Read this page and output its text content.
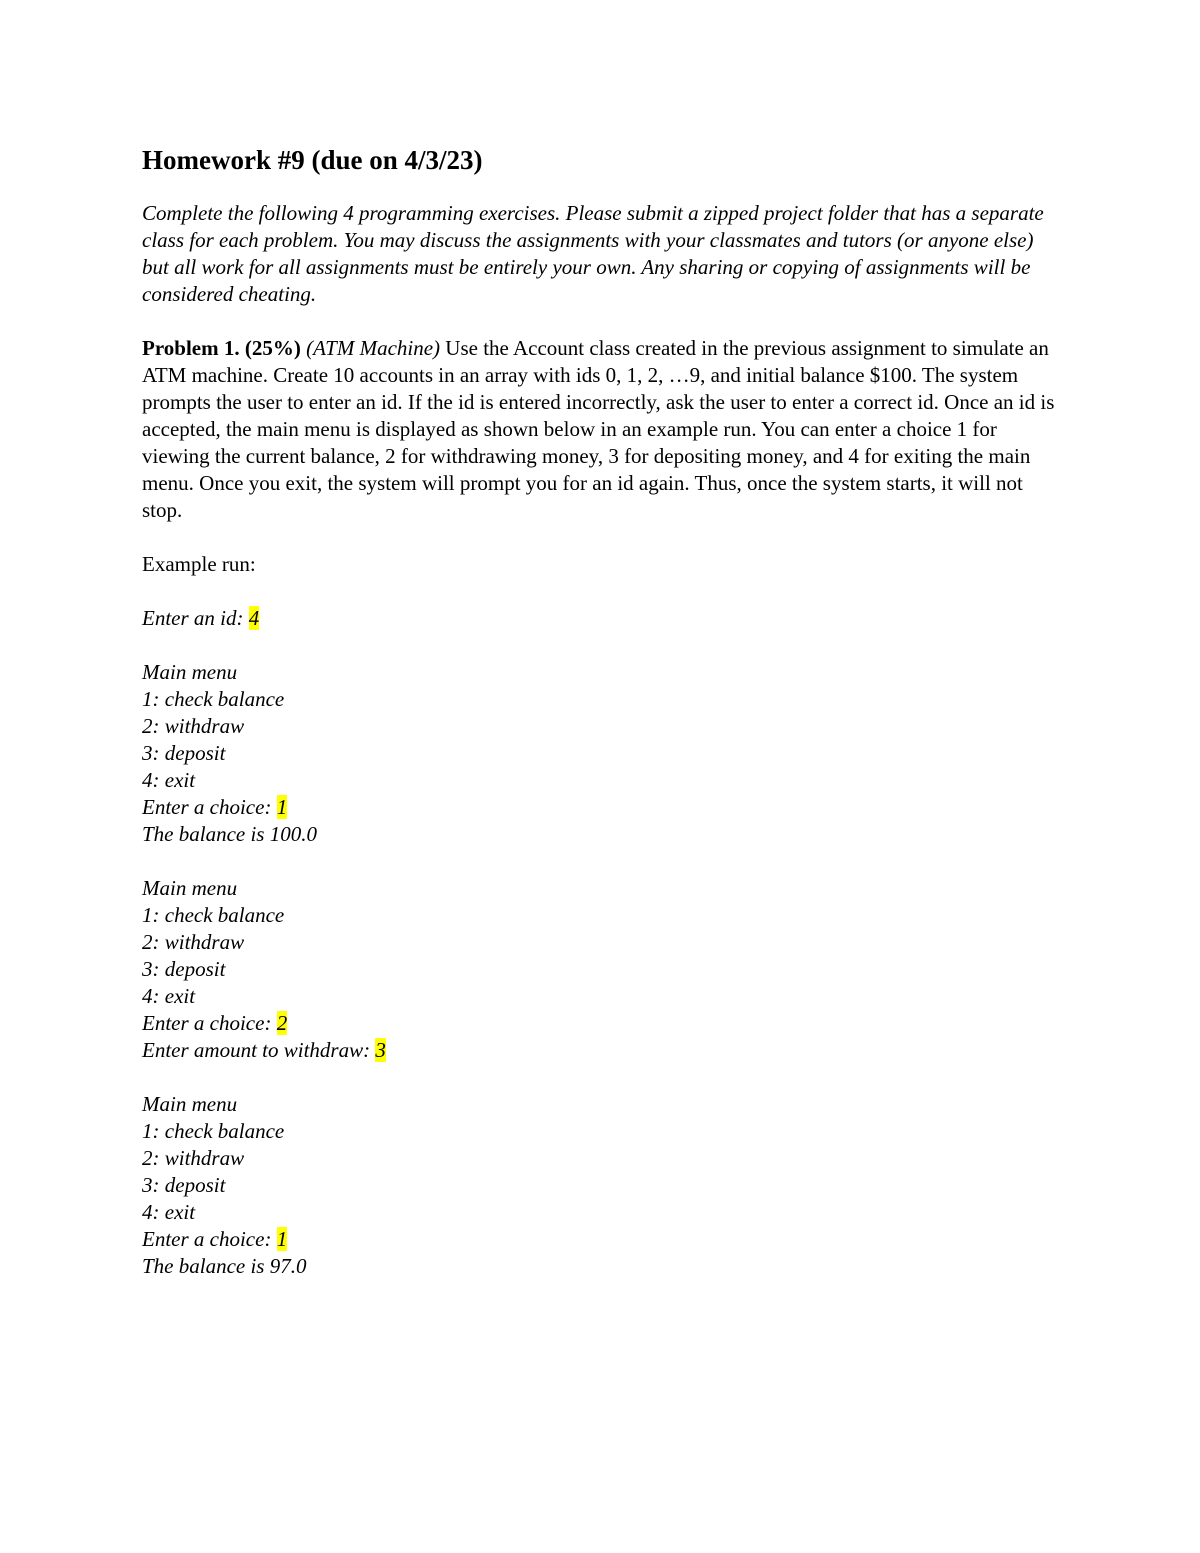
Homework #9 (due on 4/3/23)

Complete the following 4 programming exercises. Please submit a zipped project folder that has a separate class for each problem. You may discuss the assignments with your classmates and tutors (or anyone else) but all work for all assignments must be entirely your own. Any sharing or copying of assignments will be considered cheating.

Problem 1. (25%) (ATM Machine) Use the Account class created in the previous assignment to simulate an ATM machine. Create 10 accounts in an array with ids 0, 1, 2, …9, and initial balance $100. The system prompts the user to enter an id. If the id is entered incorrectly, ask the user to enter a correct id. Once an id is accepted, the main menu is displayed as shown below in an example run. You can enter a choice 1 for viewing the current balance, 2 for withdrawing money, 3 for depositing money, and 4 for exiting the main menu. Once you exit, the system will prompt you for an id again. Thus, once the system starts, it will not stop.

Example run:

Enter an id: 4
Main menu
1: check balance
2: withdraw
3: deposit
4: exit
Enter a choice: 1
The balance is 100.0
Main menu
1: check balance
2: withdraw
3: deposit
4: exit
Enter a choice: 2
Enter amount to withdraw: 3
Main menu
1: check balance
2: withdraw
3: deposit
4: exit
Enter a choice: 1
The balance is 97.0
